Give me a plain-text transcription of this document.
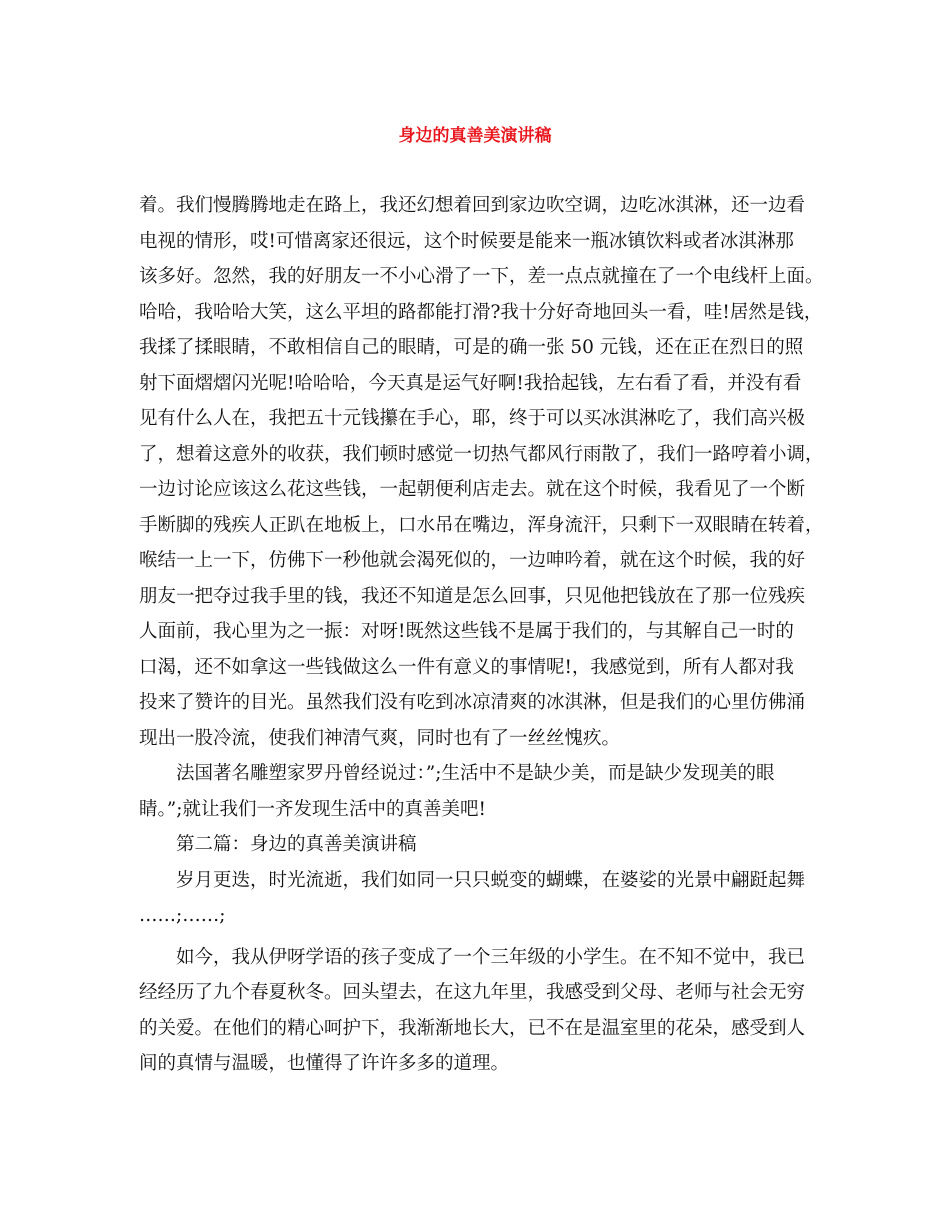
身边的真善美演讲稿
着。我们慢腾腾地走在路上，我还幻想着回到家边吹空调，边吃冰淇淋，还一边看
电视的情形，哎!可惜离家还很远，这个时候要是能来一瓶冰镇饮料或者冰淇淋那
该多好。忽然，我的好朋友一不小心滑了一下，差一点点就撞在了一个电线杆上面。
哈哈，我哈哈大笑，这么平坦的路都能打滑?我十分好奇地回头一看，哇!居然是钱，
我揉了揉眼睛，不敢相信自己的眼睛，可是的确一张 50 元钱，还在正在烈日的照
射下面熠熠闪光呢!哈哈哈，今天真是运气好啊!我拾起钱，左右看了看，并没有看
见有什么人在，我把五十元钱攥在手心，耶，终于可以买冰淇淋吃了，我们高兴极
了，想着这意外的收获，我们顿时感觉一切热气都风行雨散了，我们一路哼着小调，
一边讨论应该这么花这些钱，一起朝便利店走去。就在这个时候，我看见了一个断
手断脚的残疾人正趴在地板上，口水吊在嘴边，浑身流汗，只剩下一双眼睛在转着，
喉结一上一下，仿佛下一秒他就会渴死似的，一边呻吟着，就在这个时候，我的好
朋友一把夺过我手里的钱，我还不知道是怎么回事，只见他把钱放在了那一位残疾
人面前，我心里为之一振：对呀!既然这些钱不是属于我们的，与其解自己一时的
口渴，还不如拿这一些钱做这么一件有意义的事情呢!，我感觉到，所有人都对我
投来了赞许的目光。虽然我们没有吃到冰凉清爽的冰淇淋，但是我们的心里仿佛涌
现出一股冷流，使我们神清气爽，同时也有了一丝丝愧疚。
法国著名雕塑家罗丹曾经说过：”;生活中不是缺少美，而是缺少发现美的眼
睛。”;就让我们一齐发现生活中的真善美吧!
第二篇：身边的真善美演讲稿
岁月更迭，时光流逝，我们如同一只只蜕变的蝴蝶，在婆娑的光景中翩跹起舞
……;……;
如今，我从伊呀学语的孩子变成了一个三年级的小学生。在不知不觉中，我已
经经历了九个春夏秋冬。回头望去，在这九年里，我感受到父母、老师与社会无穷
的关爱。在他们的精心呵护下，我渐渐地长大，已不在是温室里的花朵，感受到人
间的真情与温暖，也懂得了许许多多的道理。
